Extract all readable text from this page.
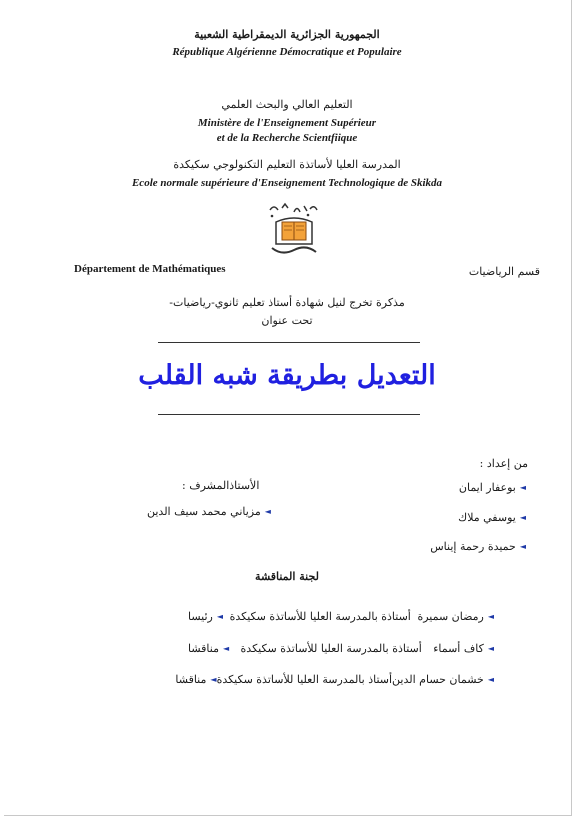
الجمهورية الجزائرية الديمقراطية الشعبية
République Algérienne Démocratique et Populaire
التعليم العالي والبحث العلمي
Ministère de l'Enseignement Supérieur
et de la Recherche Scientfiique
المدرسة العليا لأساتذة التعليم التكنولوجي سكيكدة
Ecole normale supérieure d'Enseignement Technologique de Skikda
Département de Mathématiques	قسم الرياضيات
مذكرة تخرج لنيل شهادة أستاذ تعليم ثانوي-رياضيات-
تحت عنوان
التعديل بطريقة شبه القلب
من إعداد :
◄
بوعفار ايمان
◄
يوسفي ملاك
◄
حميدة رحمة إيناس
الأستاذالمشرف :
◄
مزياني محمد سيف الدين
لجنة المناقشة
◄
رمضان سميرة
أستاذة بالمدرسة العليا للأساتذة سكيكدة
◄
رئيسا
◄
كاف أسماء
أستاذة بالمدرسة العليا للأساتذة سكيكدة
◄
مناقشا
◄
خشمان حسام الدين
أستاذ بالمدرسة العليا للأساتذة سكيكدة
◄
مناقشا
